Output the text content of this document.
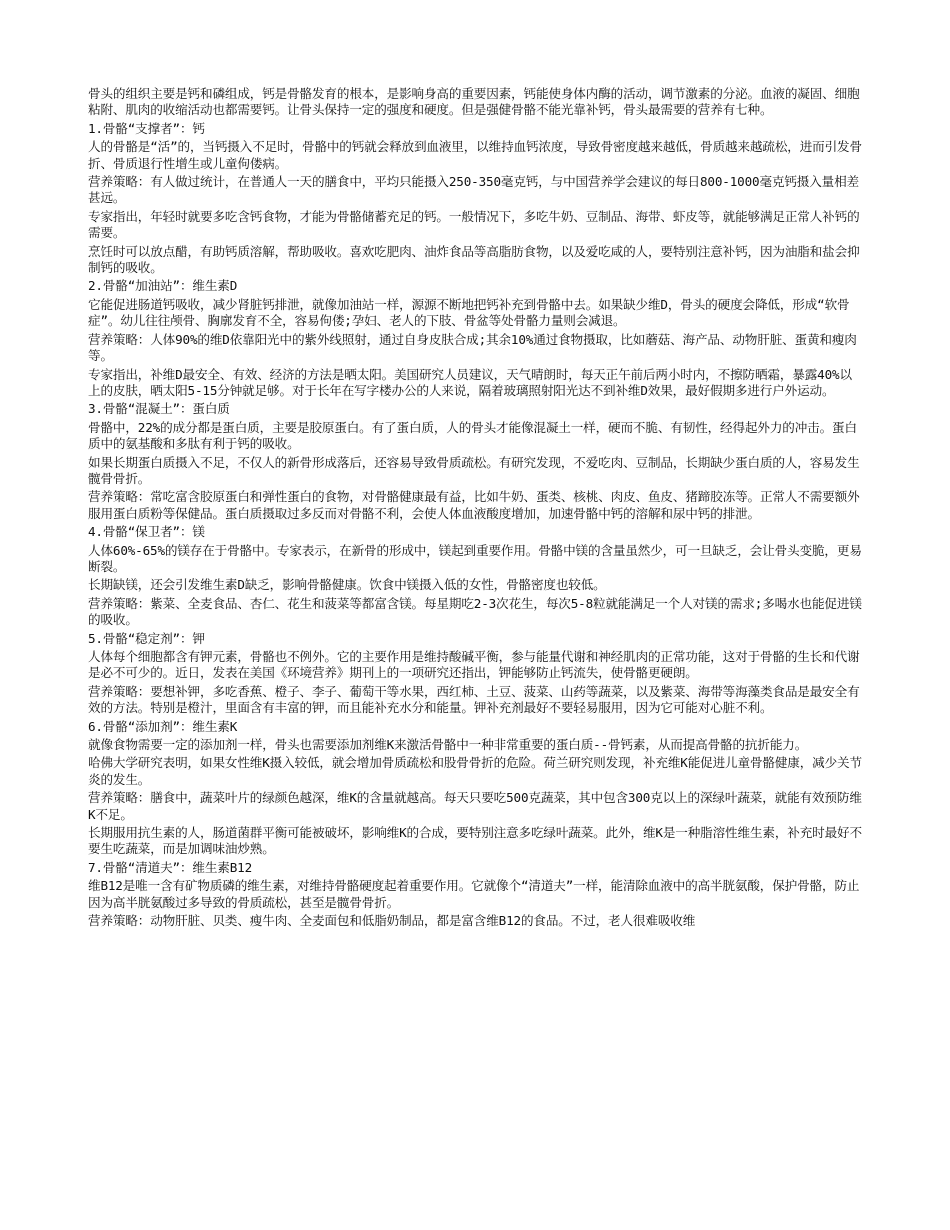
骨头的组织主要是钙和磷组成，钙是骨骼发育的根本，是影响身高的重要因素，钙能使身体内酶的活动，调节激素的分泌。血液的凝固、细胞粘附、肌肉的收缩活动也都需要钙。让骨头保持一定的强度和硬度。但是强健骨骼不能光靠补钙，骨头最需要的营养有七种。

1.骨骼“支撑者”：钙

人的骨骼是“活”的，当钙摄入不足时，骨骼中的钙就会释放到血液里，以维持血钙浓度，导致骨密度越来越低，骨质越来越疏松，进而引发骨折、骨质退行性增生或儿童佝偻病。

营养策略：有人做过统计，在普通人一天的膳食中，平均只能摄入250-350毫克钙，与中国营养学会建议的每日800-1000毫克钙摄入量相差甚远。

专家指出，年轻时就要多吃含钙食物，才能为骨骼储蓄充足的钙。一般情况下，多吃牛奶、豆制品、海带、虾皮等，就能够满足正常人补钙的需要。

烹饪时可以放点醋，有助钙质溶解，帮助吸收。喜欢吃肥肉、油炸食品等高脂肪食物，以及爱吃咸的人，要特别注意补钙，因为油脂和盐会抑制钙的吸收。

2.骨骼“加油站”：维生素D

它能促进肠道钙吸收，减少肾脏钙排泄，就像加油站一样，源源不断地把钙补充到骨骼中去。如果缺少维D，骨头的硬度会降低，形成“软骨症”。幼儿往往颅骨、胸廓发育不全，容易佝偻;孕妇、老人的下肢、骨盆等处骨骼力量则会减退。

营养策略：人体90%的维D依靠阳光中的紫外线照射，通过自身皮肤合成;其余10%通过食物摄取，比如蘑菇、海产品、动物肝脏、蛋黄和瘦肉等。

专家指出，补维D最安全、有效、经济的方法是晒太阳。美国研究人员建议，天气晴朗时，每天正午前后两小时内，不擦防晒霜，暴露40%以上的皮肤，晒太阳5-15分钟就足够。对于长年在写字楼办公的人来说，隔着玻璃照射阳光达不到补维D效果，最好假期多进行户外运动。

3.骨骼“混凝土”：蛋白质

骨骼中，22%的成分都是蛋白质，主要是胶原蛋白。有了蛋白质，人的骨头才能像混凝土一样，硬而不脆、有韧性，经得起外力的冲击。蛋白质中的氨基酸和多肽有利于钙的吸收。

如果长期蛋白质摄入不足，不仅人的新骨形成落后，还容易导致骨质疏松。有研究发现，不爱吃肉、豆制品，长期缺少蛋白质的人，容易发生髋骨骨折。

营养策略：常吃富含胶原蛋白和弹性蛋白的食物，对骨骼健康最有益，比如牛奶、蛋类、核桃、肉皮、鱼皮、猪蹄胶冻等。正常人不需要额外服用蛋白质粉等保健品。蛋白质摄取过多反而对骨骼不利，会使人体血液酸度增加，加速骨骼中钙的溶解和尿中钙的排泄。

4.骨骼“保卫者”：镁

人体60%-65%的镁存在于骨骼中。专家表示，在新骨的形成中，镁起到重要作用。骨骼中镁的含量虽然少，可一旦缺乏，会让骨头变脆，更易断裂。

长期缺镁，还会引发维生素D缺乏，影响骨骼健康。饮食中镁摄入低的女性，骨骼密度也较低。

营养策略：紫菜、全麦食品、杏仁、花生和菠菜等都富含镁。每星期吃2-3次花生，每次5-8粒就能满足一个人对镁的需求;多喝水也能促进镁的吸收。

5.骨骼“稳定剂”：钾

人体每个细胞都含有钾元素，骨骼也不例外。它的主要作用是维持酸碱平衡，参与能量代谢和神经肌肉的正常功能，这对于骨骼的生长和代谢是必不可少的。近日，发表在美国《环境营养》期刊上的一项研究还指出，钾能够防止钙流失，使骨骼更硬朗。

营养策略：要想补钾，多吃香蕉、橙子、李子、葡萄干等水果，西红柿、土豆、菠菜、山药等蔬菜，以及紫菜、海带等海藻类食品是最安全有效的方法。特别是橙汁，里面含有丰富的钾，而且能补充水分和能量。钾补充剂最好不要轻易服用，因为它可能对心脏不利。

6.骨骼“添加剂”：维生素K

就像食物需要一定的添加剂一样，骨头也需要添加剂维K来激活骨骼中一种非常重要的蛋白质--骨钙素，从而提高骨骼的抗折能力。

哈佛大学研究表明，如果女性维K摄入较低，就会增加骨质疏松和股骨骨折的危险。荷兰研究则发现，补充维K能促进儿童骨骼健康，减少关节炎的发生。

营养策略：膳食中，蔬菜叶片的绿颜色越深，维K的含量就越高。每天只要吃500克蔬菜，其中包含300克以上的深绿叶蔬菜，就能有效预防维K不足。

长期服用抗生素的人，肠道菌群平衡可能被破坏，影响维K的合成，要特别注意多吃绿叶蔬菜。此外，维K是一种脂溶性维生素，补充时最好不要生吃蔬菜，而是加调味油炒熟。

7.骨骼“清道夫”：维生素B12

维B12是唯一含有矿物质磷的维生素，对维持骨骼硬度起着重要作用。它就像个“清道夫”一样，能清除血液中的高半胱氨酸，保护骨骼，防止因为高半胱氨酸过多导致的骨质疏松，甚至是髋骨骨折。

营养策略：动物肝脏、贝类、瘦牛肉、全麦面包和低脂奶制品，都是富含维B12的食品。不过，老人很难吸收维
